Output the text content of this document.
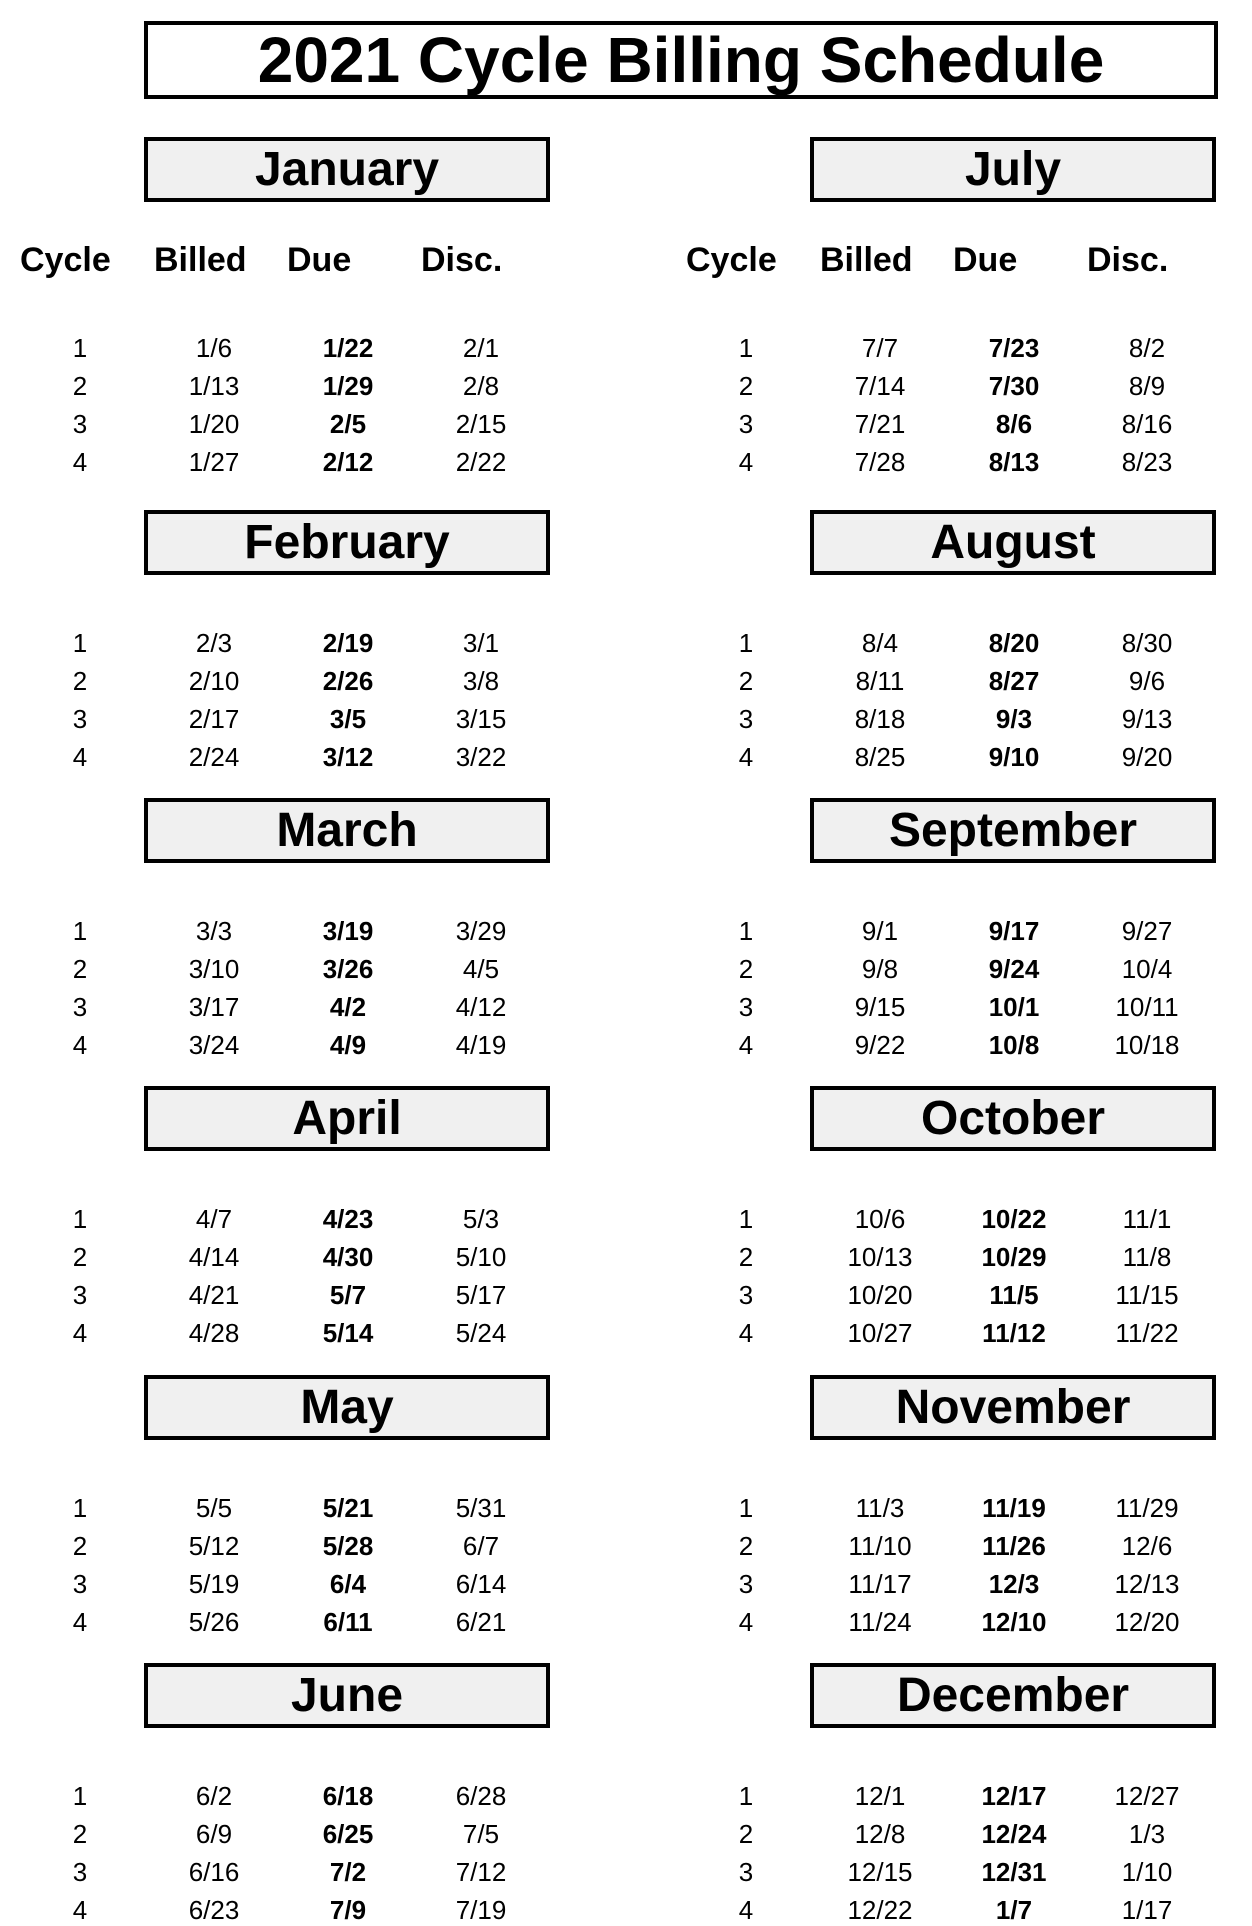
2021 Cycle Billing Schedule
January
Cycle Billed Due Disc.
1	1/6	1/22	2/1
2	1/13	1/29	2/8
3	1/20	2/5	2/15
4	1/27	2/12	2/22
February
1	2/3	2/19	3/1
2	2/10	2/26	3/8
3	2/17	3/5	3/15
4	2/24	3/12	3/22
March
1	3/3	3/19	3/29
2	3/10	3/26	4/5
3	3/17	4/2	4/12
4	3/24	4/9	4/19
April
1	4/7	4/23	5/3
2	4/14	4/30	5/10
3	4/21	5/7	5/17
4	4/28	5/14	5/24
May
1	5/5	5/21	5/31
2	5/12	5/28	6/7
3	5/19	6/4	6/14
4	5/26	6/11	6/21
June
1	6/2	6/18	6/28
2	6/9	6/25	7/5
3	6/16	7/2	7/12
4	6/23	7/9	7/19
July
Cycle Billed Due Disc.
1	7/7	7/23	8/2
2	7/14	7/30	8/9
3	7/21	8/6	8/16
4	7/28	8/13	8/23
August
1	8/4	8/20	8/30
2	8/11	8/27	9/6
3	8/18	9/3	9/13
4	8/25	9/10	9/20
September
1	9/1	9/17	9/27
2	9/8	9/24	10/4
3	9/15	10/1	10/11
4	9/22	10/8	10/18
October
1	10/6	10/22	11/1
2	10/13	10/29	11/8
3	10/20	11/5	11/15
4	10/27	11/12	11/22
November
1	11/3	11/19	11/29
2	11/10	11/26	12/6
3	11/17	12/3	12/13
4	11/24	12/10	12/20
December
1	12/1	12/17	12/27
2	12/8	12/24	1/3
3	12/15	12/31	1/10
4	12/22	1/7	1/17
